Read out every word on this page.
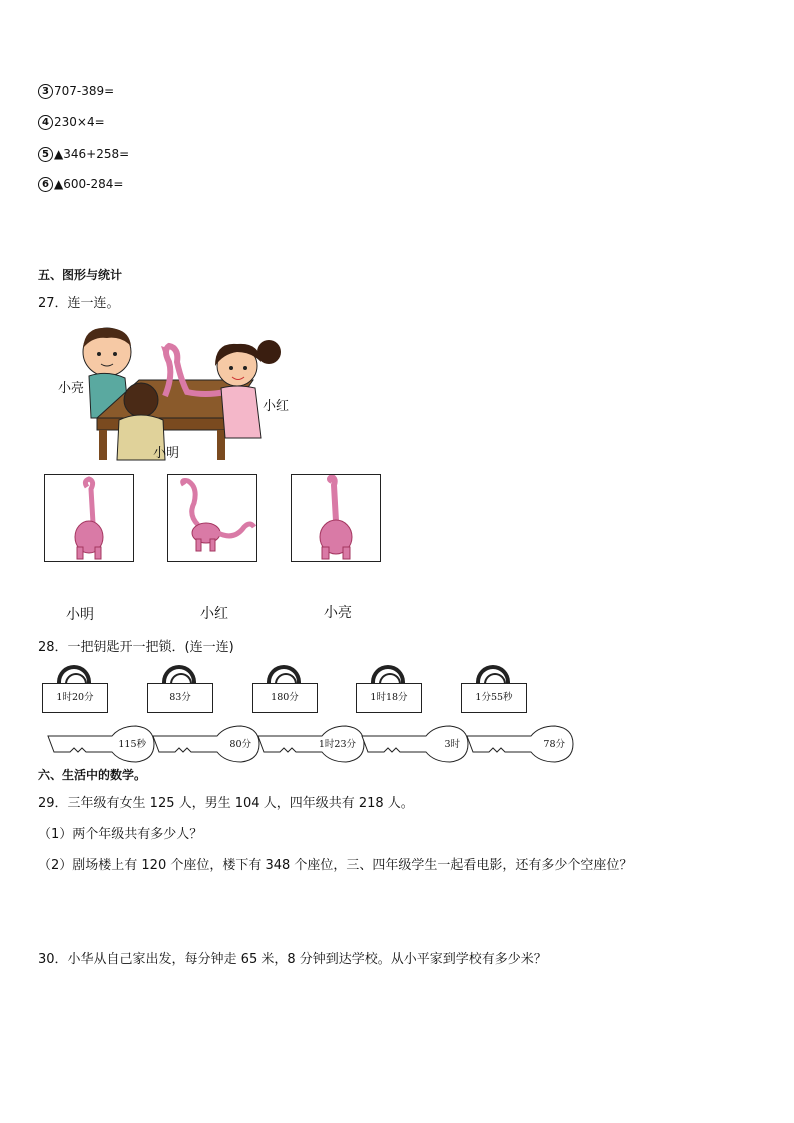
3 707-389=
4 230×4=
5 ▲346+258=
6 ▲600-284=
五、图形与统计
27．连一连。
小亮
小红
小明
小明	小红	小亮
28．一把钥匙开一把锁．(连一连)
1时20分	83分	180分	1时18分	1分55秒
115秒	80分	1时23分	3时	78分
六、生活中的数学。
29．三年级有女生 125 人，男生 104 人，四年级共有 218 人。
（1）两个年级共有多少人？
（2）剧场楼上有 120 个座位，楼下有 348 个座位，三、四年级学生一起看电影，还有多少个空座位？
30．小华从自己家出发，每分钟走 65 米，8 分钟到达学校。从小平家到学校有多少米？
